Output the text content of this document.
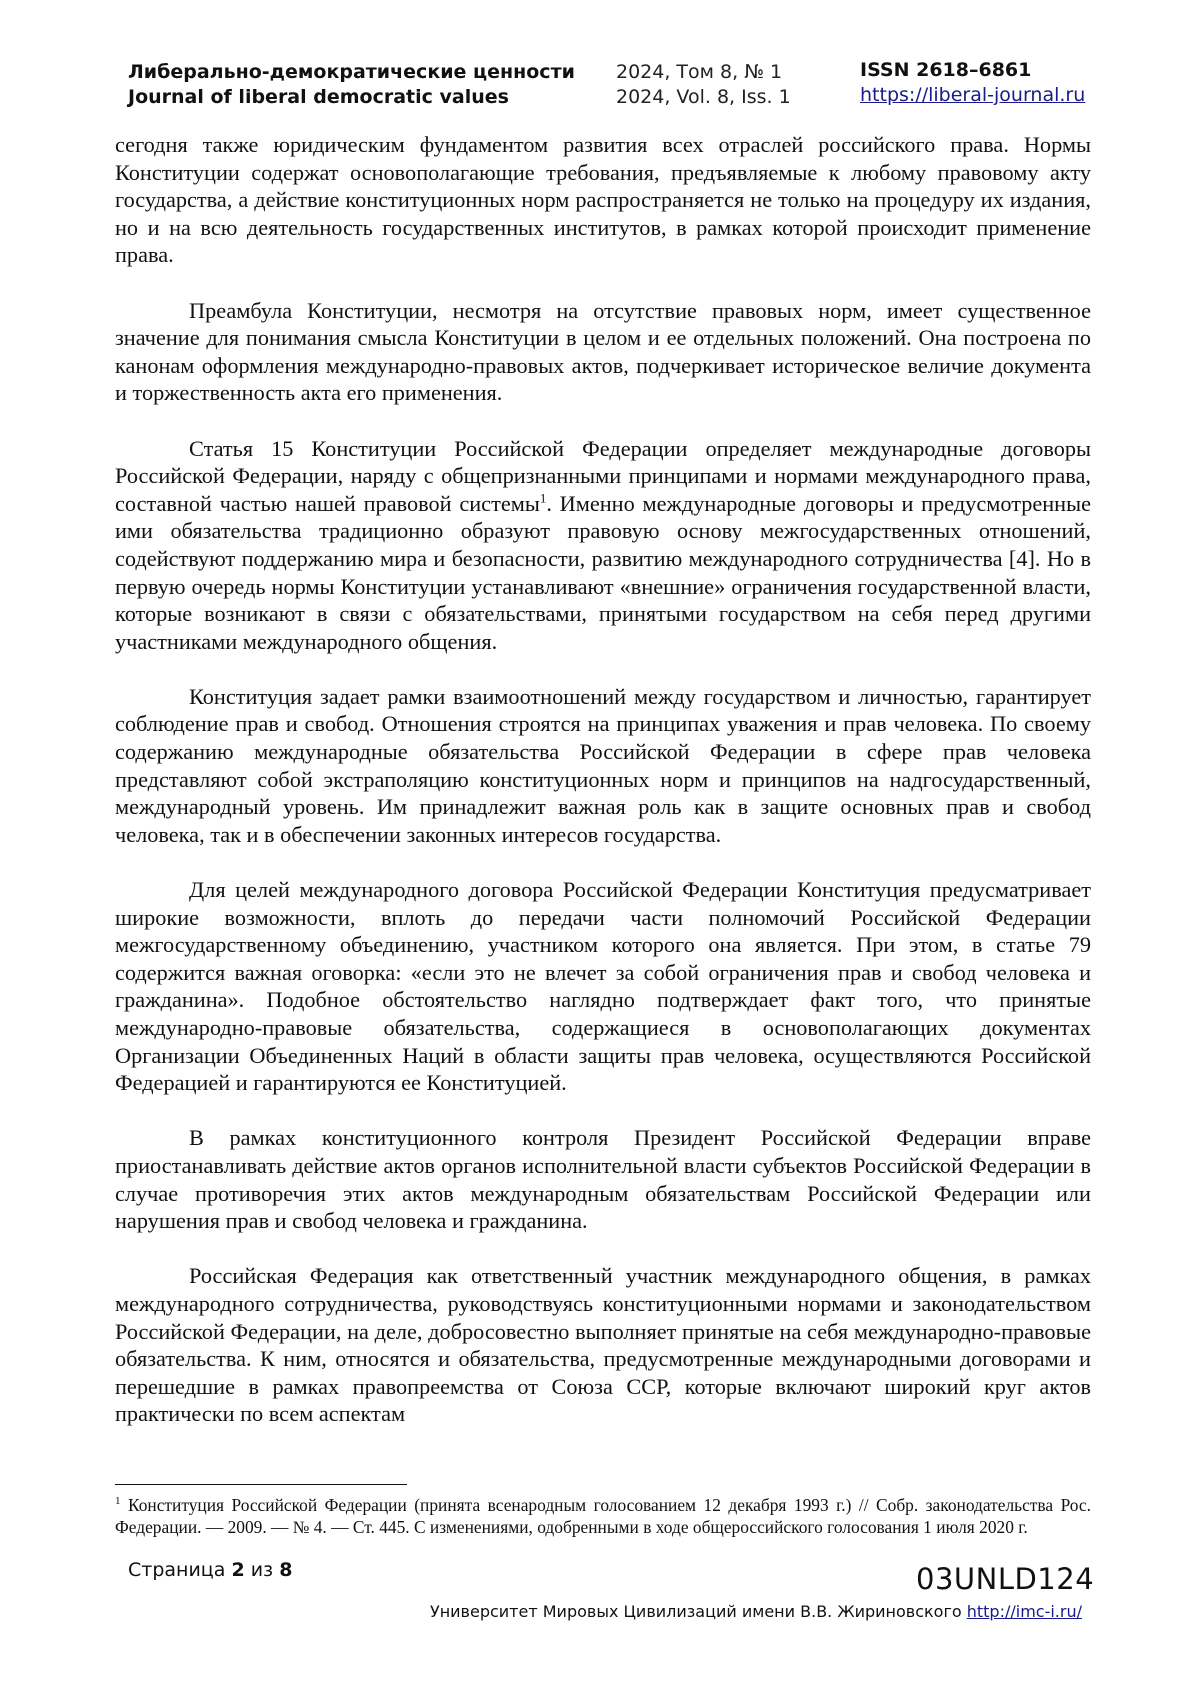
Либерально-демократические ценности
Journal of liberal democratic values
2024, Том 8, № 1
2024, Vol. 8, Iss. 1
ISSN 2618–6861
https://liberal-journal.ru

сегодня также юридическим фундаментом развития всех отраслей российского права. Нормы Конституции содержат основополагающие требования, предъявляемые к любому правовому акту государства, а действие конституционных норм распространяется не только на процедуру их издания, но и на всю деятельность государственных институтов, в рамках которой происходит применение права.

Преамбула Конституции, несмотря на отсутствие правовых норм, имеет существенное значение для понимания смысла Конституции в целом и ее отдельных положений. Она построена по канонам оформления международно-правовых актов, подчеркивает историческое величие документа и торжественность акта его применения.

Статья 15 Конституции Российской Федерации определяет международные договоры Российской Федерации, наряду с общепризнанными принципами и нормами международного права, составной частью нашей правовой системы$^1$. Именно международные договоры и предусмотренные ими обязательства традиционно образуют правовую основу межгосударственных отношений, содействуют поддержанию мира и безопасности, развитию международного сотрудничества [4]. Но в первую очередь нормы Конституции устанавливают «внешние» ограничения государственной власти, которые возникают в связи с обязательствами, принятыми государством на себя перед другими участниками международного общения.

Конституция задает рамки взаимоотношений между государством и личностью, гарантирует соблюдение прав и свобод. Отношения строятся на принципах уважения и прав человека. По своему содержанию международные обязательства Российской Федерации в сфере прав человека представляют собой экстраполяцию конституционных норм и принципов на надгосударственный, международный уровень. Им принадлежит важная роль как в защите основных прав и свобод человека, так и в обеспечении законных интересов государства.

Для целей международного договора Российской Федерации Конституция предусматривает широкие возможности, вплоть до передачи части полномочий Российской Федерации межгосударственному объединению, участником которого она является. При этом, в статье 79 содержится важная оговорка: «если это не влечет за собой ограничения прав и свобод человека и гражданина». Подобное обстоятельство наглядно подтверждает факт того, что принятые международно-правовые обязательства, содержащиеся в основополагающих документах Организации Объединенных Наций в области защиты прав человека, осуществляются Российской Федерацией и гарантируются ее Конституцией.

В рамках конституционного контроля Президент Российской Федерации вправе приостанавливать действие актов органов исполнительной власти субъектов Российской Федерации в случае противоречия этих актов международным обязательствам Российской Федерации или нарушения прав и свобод человека и гражданина.

Российская Федерация как ответственный участник международного общения, в рамках международного сотрудничества, руководствуясь конституционными нормами и законодательством Российской Федерации, на деле, добросовестно выполняет принятые на себя международно-правовые обязательства. К ним, относятся и обязательства, предусмотренные международными договорами и перешедшие в рамках правопреемства от Союза ССР, которые включают широкий круг актов практически по всем аспектам

$^1$ Конституция Российской Федерации (принята всенародным голосованием 12 декабря 1993 г.) // Собр. законодательства Рос. Федерации. — 2009. — № 4. — Ст. 445. С изменениями, одобренными в ходе общероссийского голосования 1 июля 2020 г.

Страница 2 из 8	03UNLD124
Университет Мировых Цивилизаций имени В.В. Жириновского http://imc-i.ru/
